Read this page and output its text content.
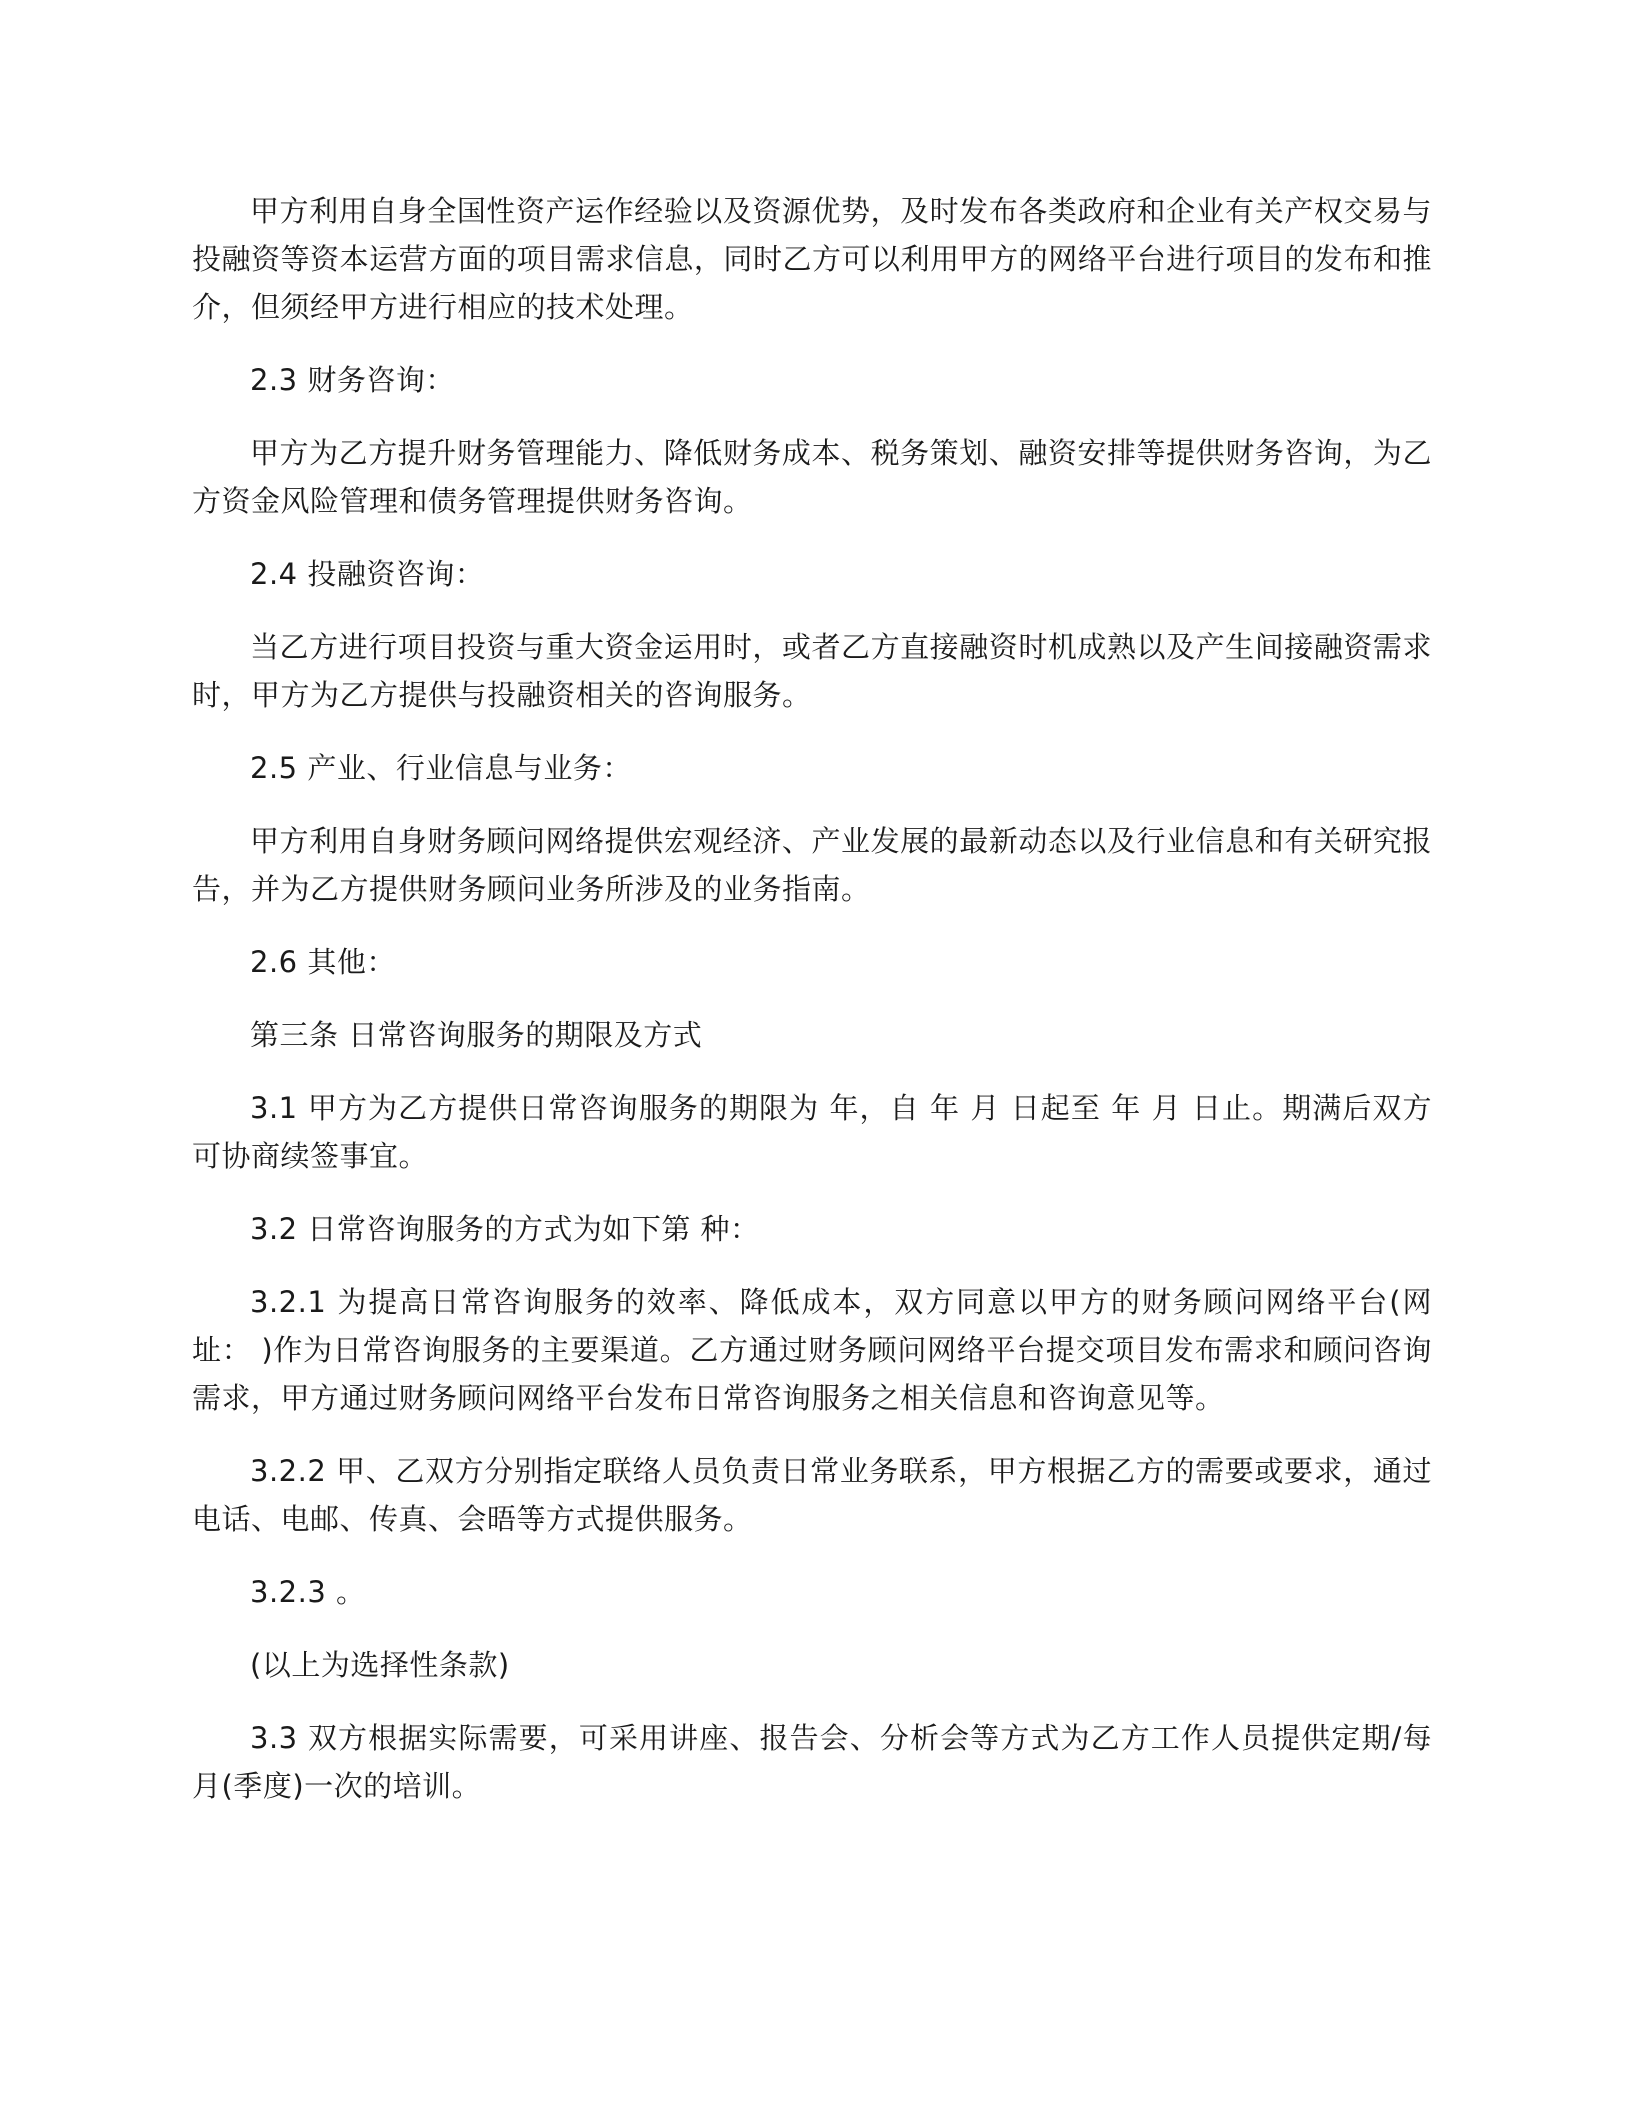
甲方利用自身全国性资产运作经验以及资源优势，及时发布各类政府和企业有关产权交易与投融资等资本运营方面的项目需求信息，同时乙方可以利用甲方的网络平台进行项目的发布和推介，但须经甲方进行相应的技术处理。

2.3 财务咨询：

甲方为乙方提升财务管理能力、降低财务成本、税务策划、融资安排等提供财务咨询，为乙方资金风险管理和债务管理提供财务咨询。

2.4 投融资咨询：

当乙方进行项目投资与重大资金运用时，或者乙方直接融资时机成熟以及产生间接融资需求时，甲方为乙方提供与投融资相关的咨询服务。

2.5 产业、行业信息与业务：

甲方利用自身财务顾问网络提供宏观经济、产业发展的最新动态以及行业信息和有关研究报告，并为乙方提供财务顾问业务所涉及的业务指南。

2.6 其他：

第三条 日常咨询服务的期限及方式

3.1 甲方为乙方提供日常咨询服务的期限为 年，自 年 月 日起至 年 月 日止。期满后双方可协商续签事宜。

3.2 日常咨询服务的方式为如下第 种：

3.2.1 为提高日常咨询服务的效率、降低成本，双方同意以甲方的财务顾问网络平台(网址： )作为日常咨询服务的主要渠道。乙方通过财务顾问网络平台提交项目发布需求和顾问咨询需求，甲方通过财务顾问网络平台发布日常咨询服务之相关信息和咨询意见等。

3.2.2 甲、乙双方分别指定联络人员负责日常业务联系，甲方根据乙方的需要或要求，通过电话、电邮、传真、会晤等方式提供服务。

3.2.3 。

(以上为选择性条款)

3.3 双方根据实际需要，可采用讲座、报告会、分析会等方式为乙方工作人员提供定期/每月(季度)一次的培训。
